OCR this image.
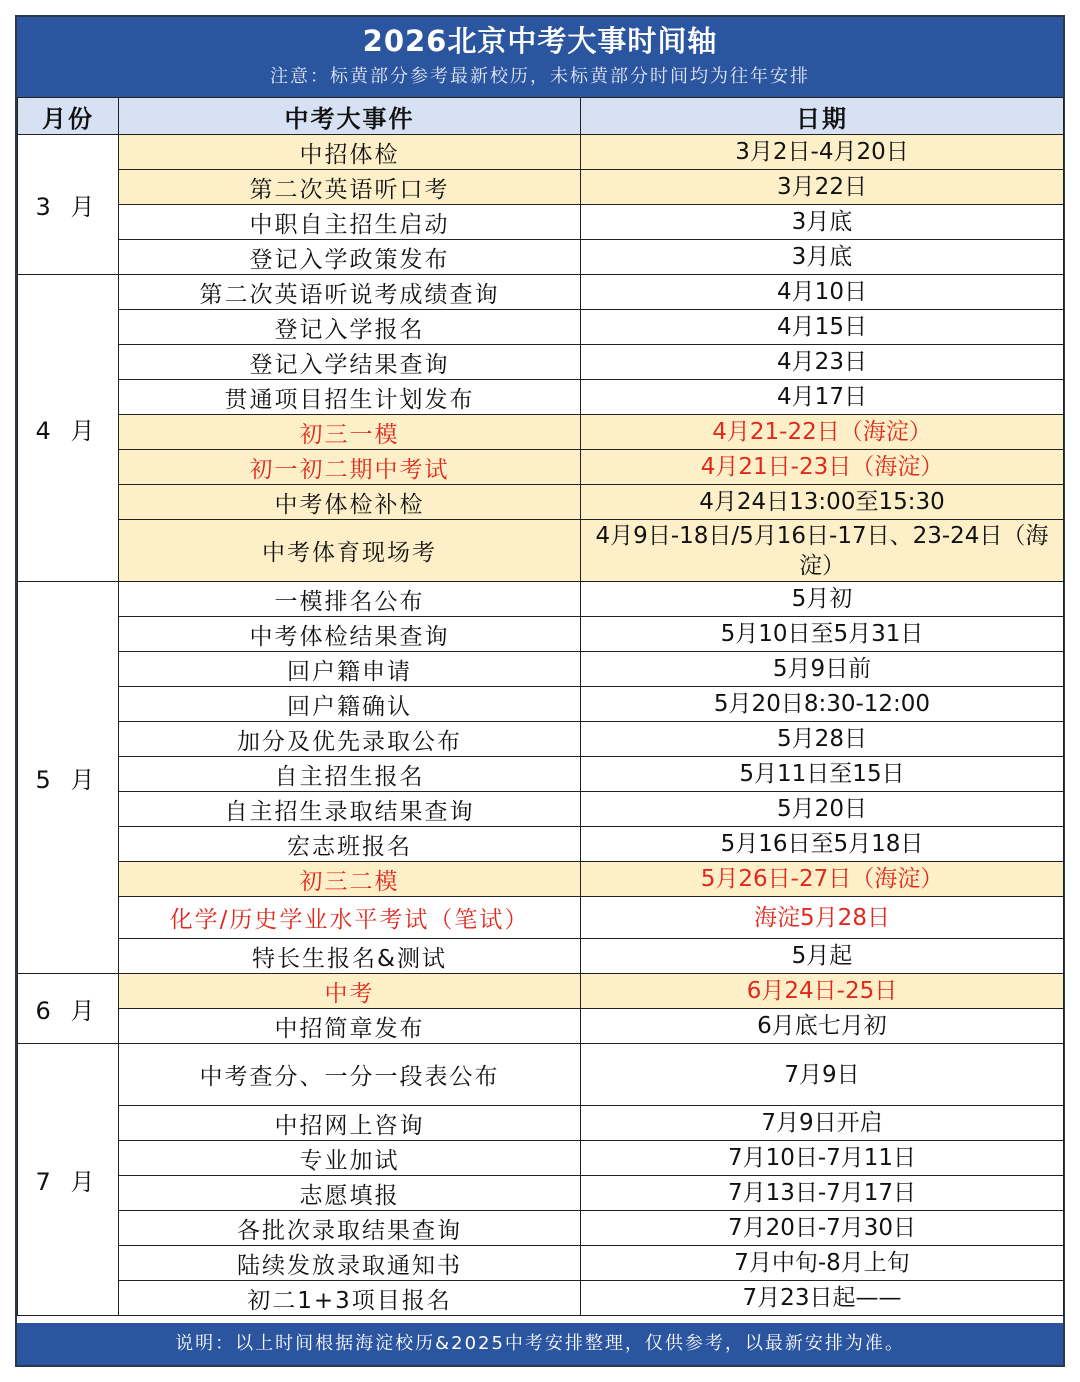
2026北京中考大事时间轴
注意：标黄部分参考最新校历，未标黄部分时间均为往年安排
月份	中考大事件	日期
3 月	中招体检	3月2日-4月20日
	第二次英语听口考	3月22日
	中职自主招生启动	3月底
	登记入学政策发布	3月底
4 月	第二次英语听说考成绩查询	4月10日
	登记入学报名	4月15日
	登记入学结果查询	4月23日
	贯通项目招生计划发布	4月17日
	初三一模	4月21-22日（海淀）
	初一初二期中考试	4月21日-23日（海淀）
	中考体检补检	4月24日13:00至15:30
	中考体育现场考	4月9日-18日/5月16日-17日、23-24日（海淀）
5 月	一模排名公布	5月初
	中考体检结果查询	5月10日至5月31日
	回户籍申请	5月9日前
	回户籍确认	5月20日8:30-12:00
	加分及优先录取公布	5月28日
	自主招生报名	5月11日至15日
	自主招生录取结果查询	5月20日
	宏志班报名	5月16日至5月18日
	初三二模	5月26日-27日（海淀）
	化学/历史学业水平考试（笔试）	海淀5月28日
	特长生报名&测试	5月起
6 月	中考	6月24日-25日
	中招简章发布	6月底七月初
7 月	中考查分、一分一段表公布	7月9日
	中招网上咨询	7月9日开启
	专业加试	7月10日-7月11日
	志愿填报	7月13日-7月17日
	各批次录取结果查询	7月20日-7月30日
	陆续发放录取通知书	7月中旬-8月上旬
	初二1+3项目报名	7月23日起——
说明：以上时间根据海淀校历&2025中考安排整理，仅供参考，以最新安排为准。
